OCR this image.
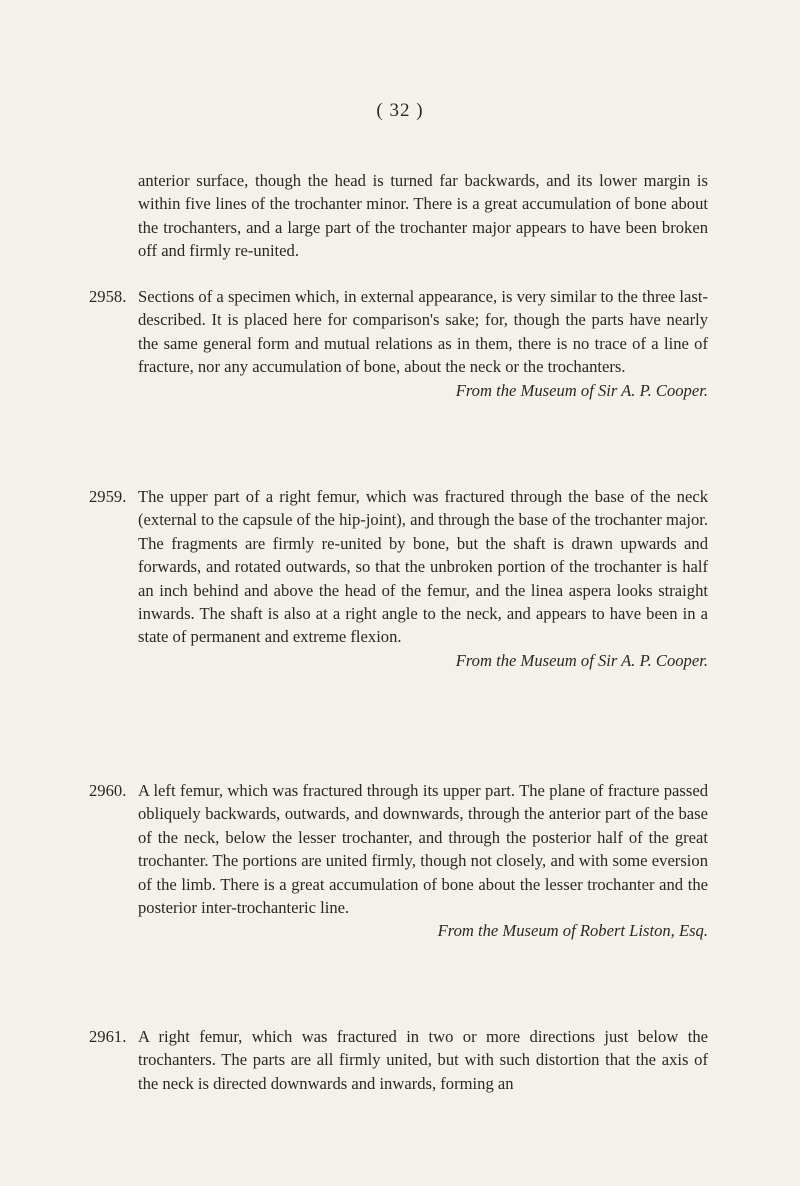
( 32 )

anterior surface, though the head is turned far backwards, and its lower margin is within five lines of the trochanter minor. There is a great accumulation of bone about the trochanters, and a large part of the trochanter major appears to have been broken off and firmly re-united.

2958. Sections of a specimen which, in external appearance, is very similar to the three last-described. It is placed here for comparison's sake; for, though the parts have nearly the same general form and mutual relations as in them, there is no trace of a line of fracture, nor any accumulation of bone, about the neck or the trochanters.

From the Museum of Sir A. P. Cooper.

2959. The upper part of a right femur, which was fractured through the base of the neck (external to the capsule of the hip-joint), and through the base of the trochanter major. The fragments are firmly re-united by bone, but the shaft is drawn upwards and forwards, and rotated outwards, so that the unbroken portion of the trochanter is half an inch behind and above the head of the femur, and the linea aspera looks straight inwards. The shaft is also at a right angle to the neck, and appears to have been in a state of permanent and extreme flexion.

From the Museum of Sir A. P. Cooper.

2960. A left femur, which was fractured through its upper part. The plane of fracture passed obliquely backwards, outwards, and downwards, through the anterior part of the base of the neck, below the lesser trochanter, and through the posterior half of the great trochanter. The portions are united firmly, though not closely, and with some eversion of the limb. There is a great accumulation of bone about the lesser trochanter and the posterior inter-trochanteric line.

From the Museum of Robert Liston, Esq.

2961. A right femur, which was fractured in two or more directions just below the trochanters. The parts are all firmly united, but with such distortion that the axis of the neck is directed downwards and inwards, forming an
